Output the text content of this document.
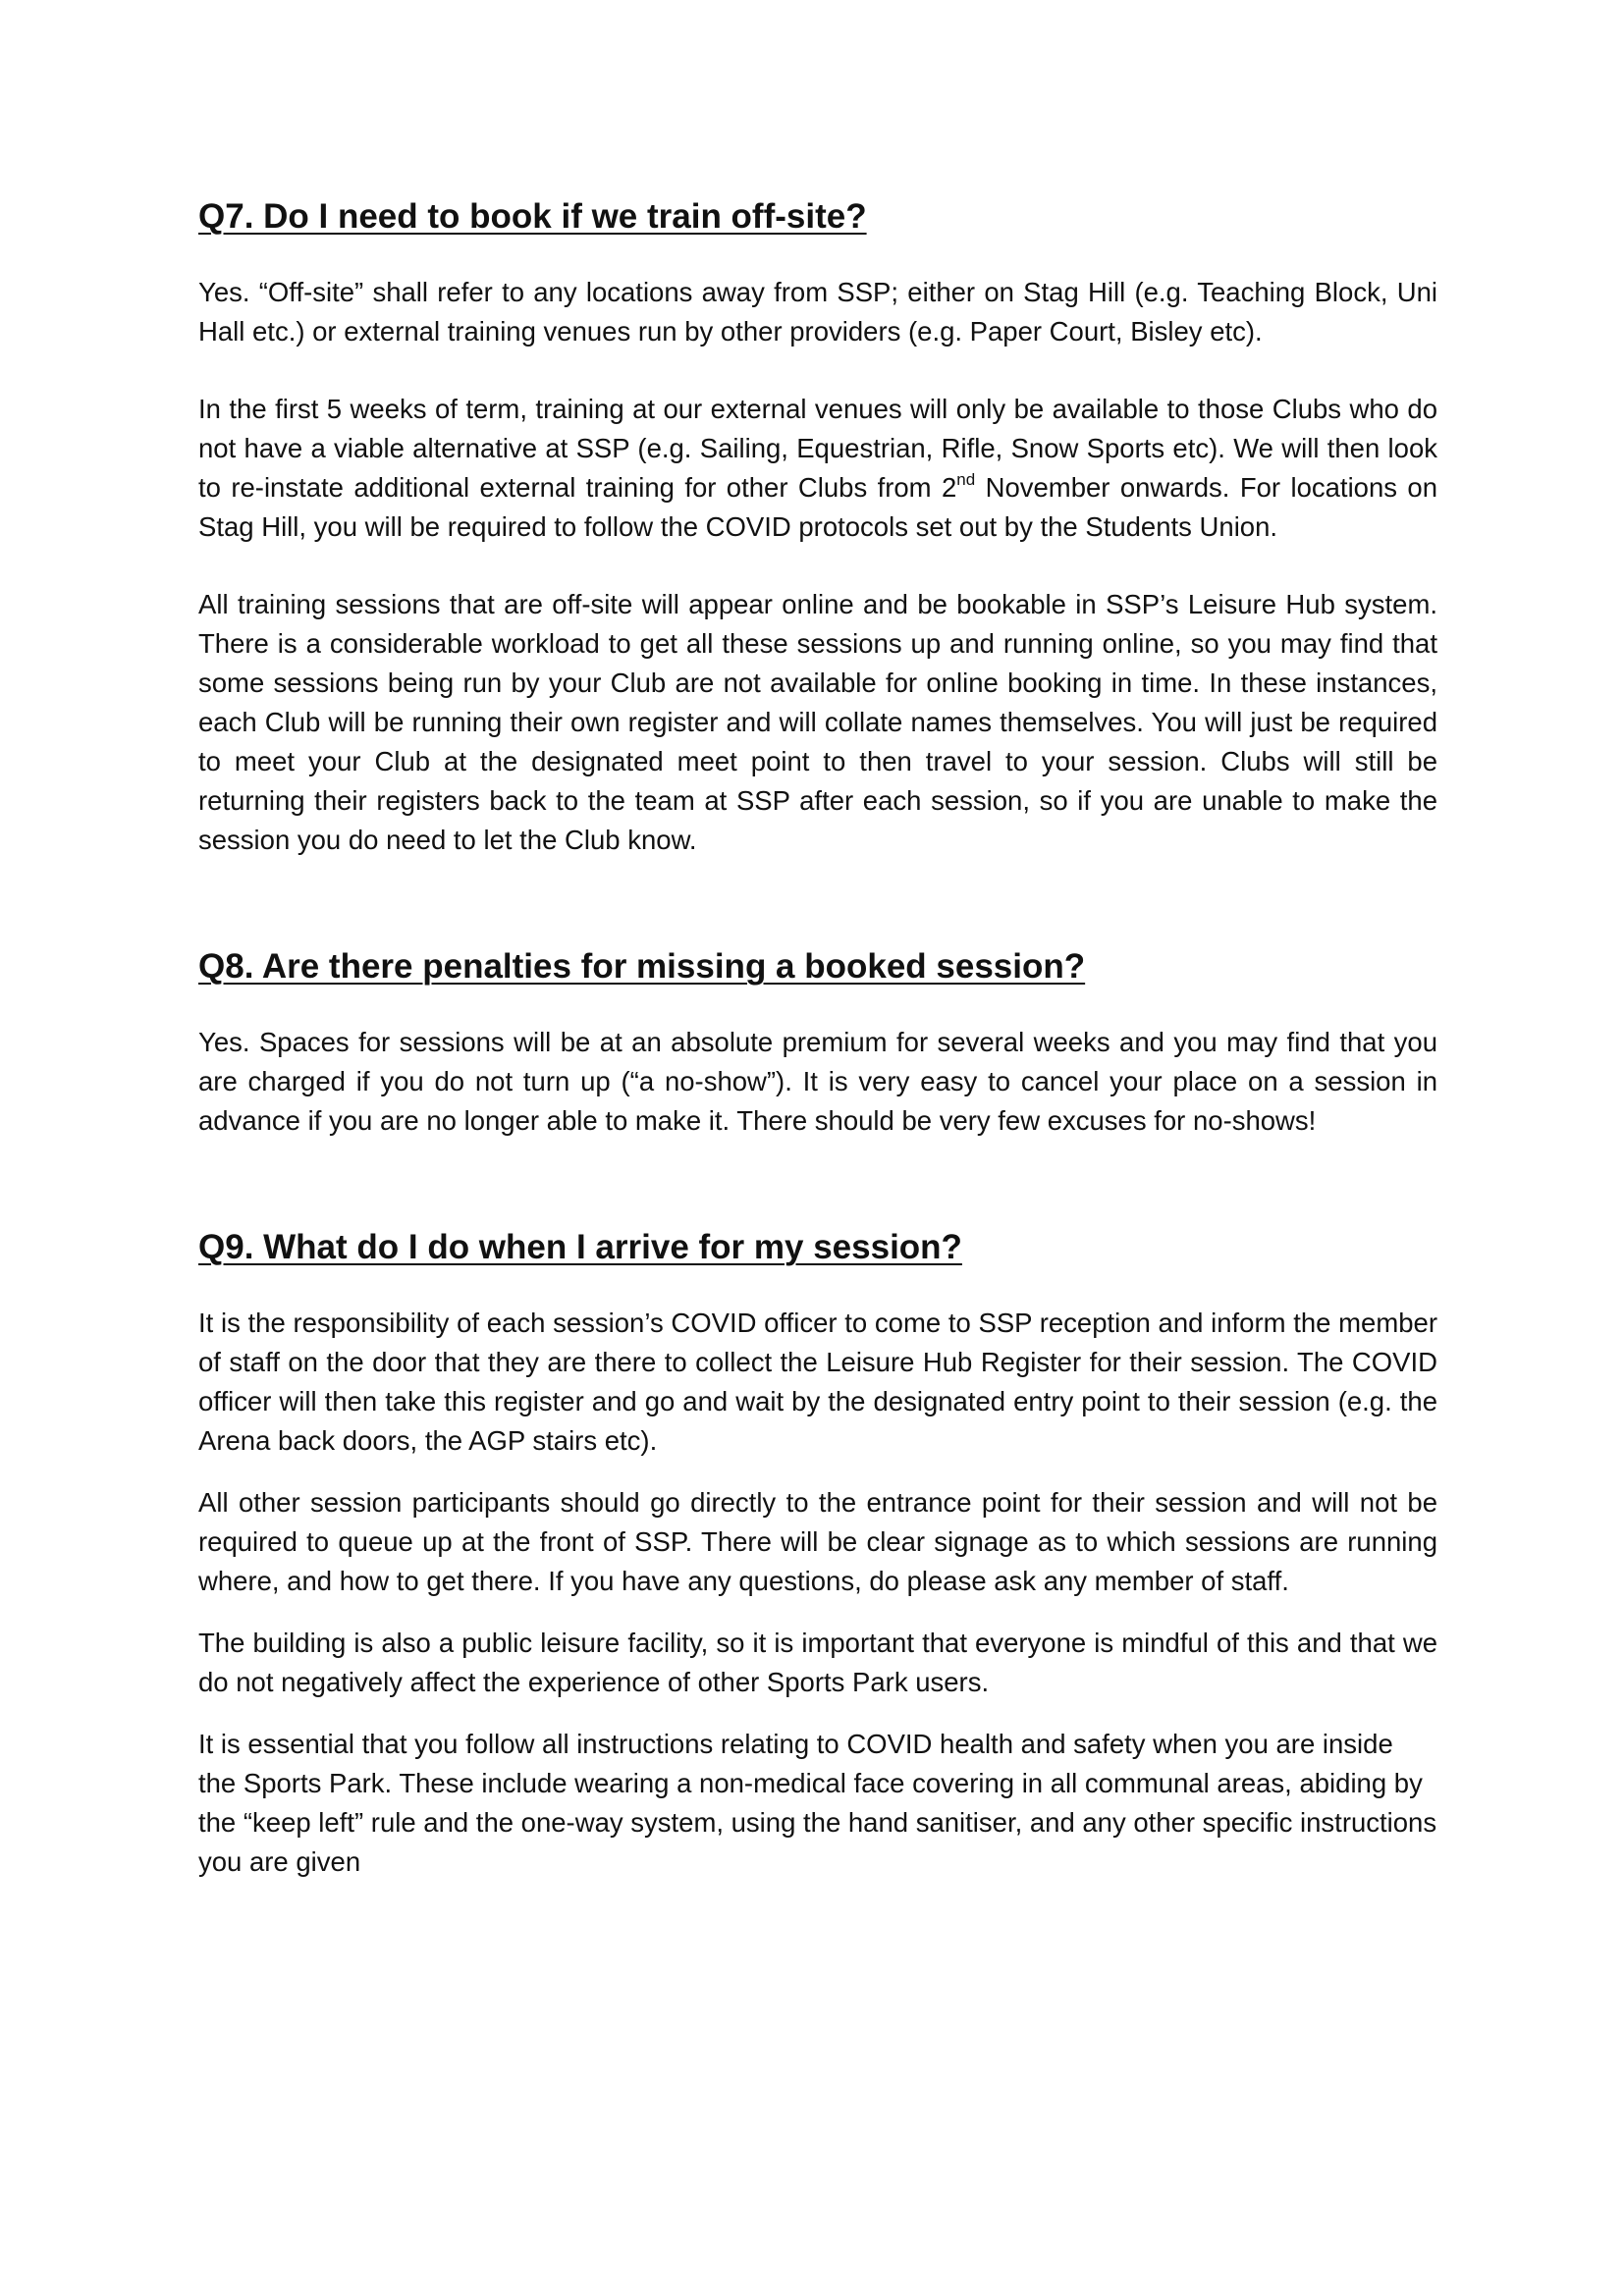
Q7. Do I need to book if we train off-site?

Yes. “Off-site” shall refer to any locations away from SSP; either on Stag Hill (e.g. Teaching Block, Uni Hall etc.) or external training venues run by other providers (e.g. Paper Court, Bisley etc).

In the first 5 weeks of term, training at our external venues will only be available to those Clubs who do not have a viable alternative at SSP (e.g. Sailing, Equestrian, Rifle, Snow Sports etc). We will then look to re-instate additional external training for other Clubs from 2nd November onwards. For locations on Stag Hill, you will be required to follow the COVID protocols set out by the Students Union.

All training sessions that are off-site will appear online and be bookable in SSP’s Leisure Hub system. There is a considerable workload to get all these sessions up and running online, so you may find that some sessions being run by your Club are not available for online booking in time. In these instances, each Club will be running their own register and will collate names themselves. You will just be required to meet your Club at the designated meet point to then travel to your session. Clubs will still be returning their registers back to the team at SSP after each session, so if you are unable to make the session you do need to let the Club know.

Q8. Are there penalties for missing a booked session?

Yes. Spaces for sessions will be at an absolute premium for several weeks and you may find that you are charged if you do not turn up (“a no-show”). It is very easy to cancel your place on a session in advance if you are no longer able to make it. There should be very few excuses for no-shows!

Q9. What do I do when I arrive for my session?

It is the responsibility of each session’s COVID officer to come to SSP reception and inform the member of staff on the door that they are there to collect the Leisure Hub Register for their session. The COVID officer will then take this register and go and wait by the designated entry point to their session (e.g. the Arena back doors, the AGP stairs etc).

All other session participants should go directly to the entrance point for their session and will not be required to queue up at the front of SSP. There will be clear signage as to which sessions are running where, and how to get there. If you have any questions, do please ask any member of staff.

The building is also a public leisure facility, so it is important that everyone is mindful of this and that we do not negatively affect the experience of other Sports Park users.

It is essential that you follow all instructions relating to COVID health and safety when you are inside the Sports Park. These include wearing a non-medical face covering in all communal areas, abiding by the “keep left” rule and the one-way system, using the hand sanitiser, and any other specific instructions you are given
